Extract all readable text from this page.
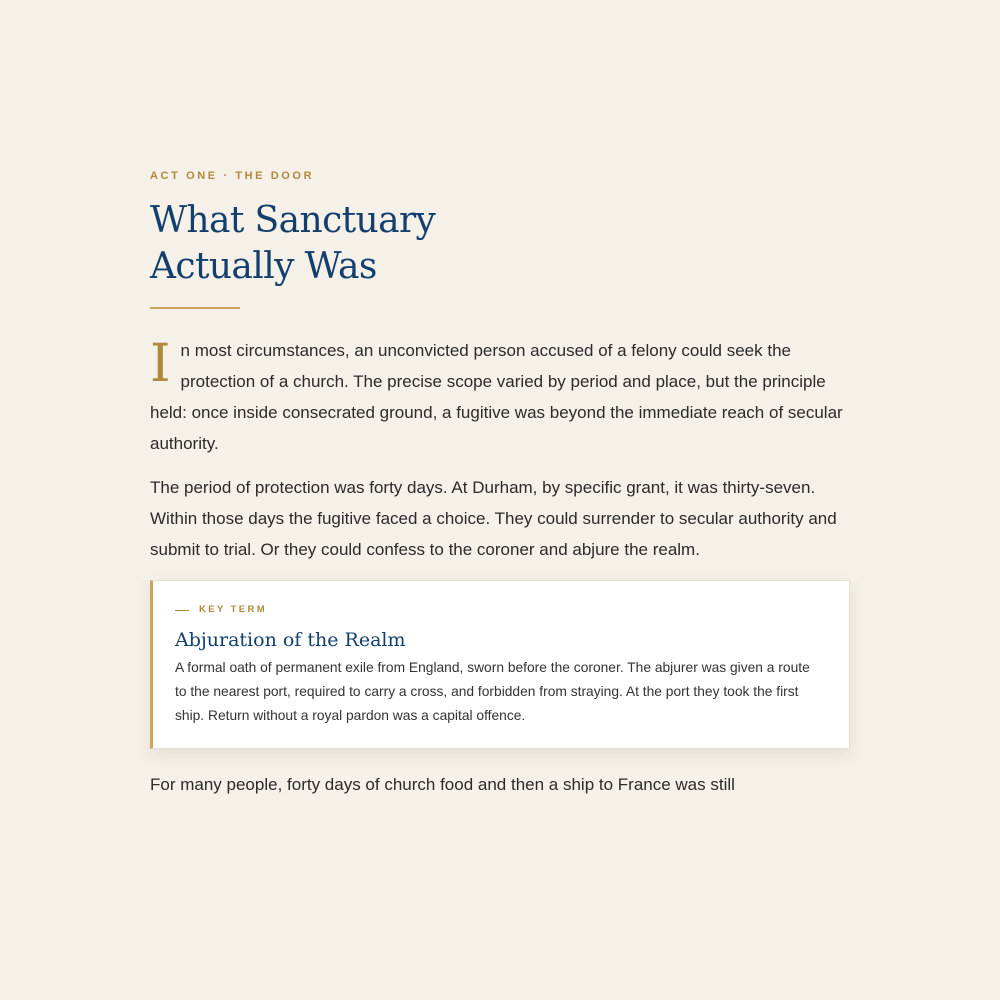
ACT ONE · THE DOOR

What Sanctuary
Actually Was

In most circumstances, an unconvicted person accused of a felony could seek the protection of a church. The precise scope varied by period and place, but the principle held: once inside consecrated ground, a fugitive was beyond the immediate reach of secular authority.

The period of protection was forty days. At Durham, by specific grant, it was thirty-seven. Within those days the fugitive faced a choice. They could surrender to secular authority and submit to trial. Or they could confess to the coroner and abjure the realm.

KEY TERM
Abjuration of the Realm

A formal oath of permanent exile from England, sworn before the coroner. The abjurer was given a route to the nearest port, required to carry a cross, and forbidden from straying. At the port they took the first ship. Return without a royal pardon was a capital offence.

For many people, forty days of church food and then a ship to France was still
